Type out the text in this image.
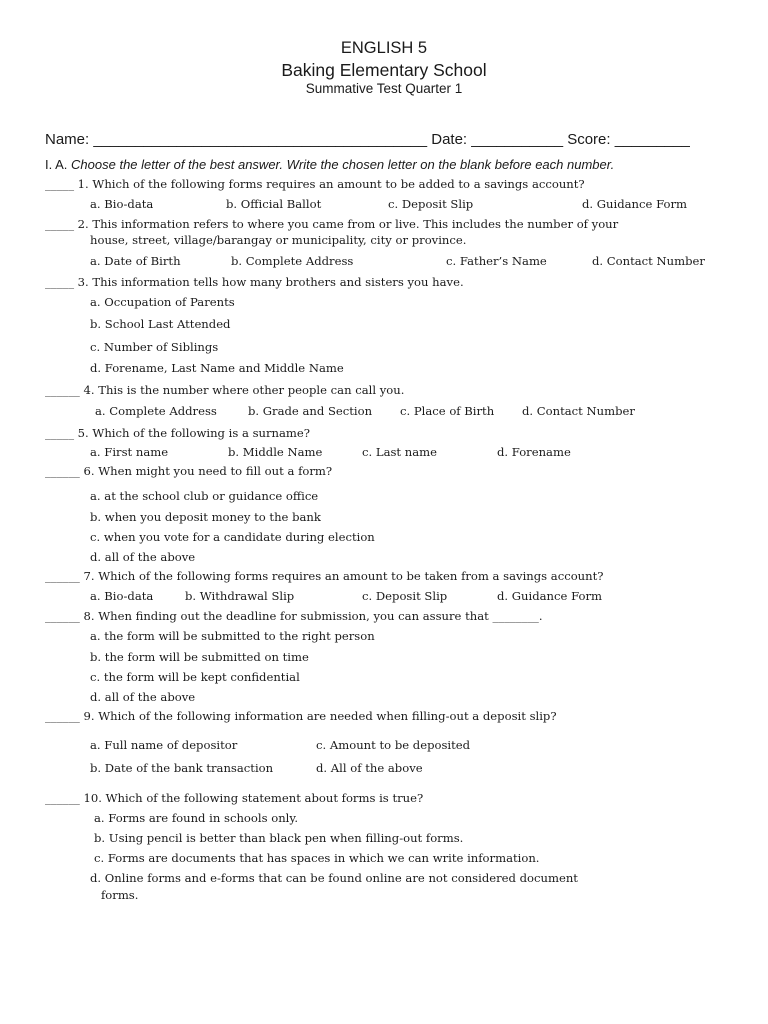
ENGLISH 5
Baking Elementary School
Summative Test Quarter 1
Name: ________________________________________ Date: ___________ Score: _________
I. A. Choose the letter of the best answer. Write the chosen letter on the blank before each number.
_____ 1. Which of the following forms requires an amount to be added to a savings account?
a. Bio-data	b. Official Ballot	c. Deposit Slip	d. Guidance Form
_____ 2. This information refers to where you came from or live. This includes the number of your
house, street, village/barangay or municipality, city or province.
a. Date of Birth	b. Complete Address	c. Father’s Name	d. Contact Number
_____ 3. This information tells how many brothers and sisters you have.
a. Occupation of Parents
b. School Last Attended
c. Number of Siblings
d. Forename, Last Name and Middle Name
______ 4. This is the number where other people can call you.
a. Complete Address	b. Grade and Section c. Place of Birth d. Contact Number
_____ 5. Which of the following is a surname?
a. First name	b. Middle Name	c. Last name	d. Forename
______ 6. When might you need to fill out a form?
a. at the school club or guidance office
b. when you deposit money to the bank
c. when you vote for a candidate during election
d. all of the above
______ 7. Which of the following forms requires an amount to be taken from a savings account?
a. Bio-data	b. Withdrawal Slip	c. Deposit Slip	d. Guidance Form
______ 8. When finding out the deadline for submission, you can assure that ________.
a. the form will be submitted to the right person
b. the form will be submitted on time
c. the form will be kept confidential
d. all of the above
______ 9. Which of the following information are needed when filling-out a deposit slip?
a. Full name of depositor	c. Amount to be deposited
b. Date of the bank transaction	d. All of the above
______ 10. Which of the following statement about forms is true?
a. Forms are found in schools only.
b. Using pencil is better than black pen when filling-out forms.
c. Forms are documents that has spaces in which we can write information.
d. Online forms and e-forms that can be found online are not considered document
forms.
